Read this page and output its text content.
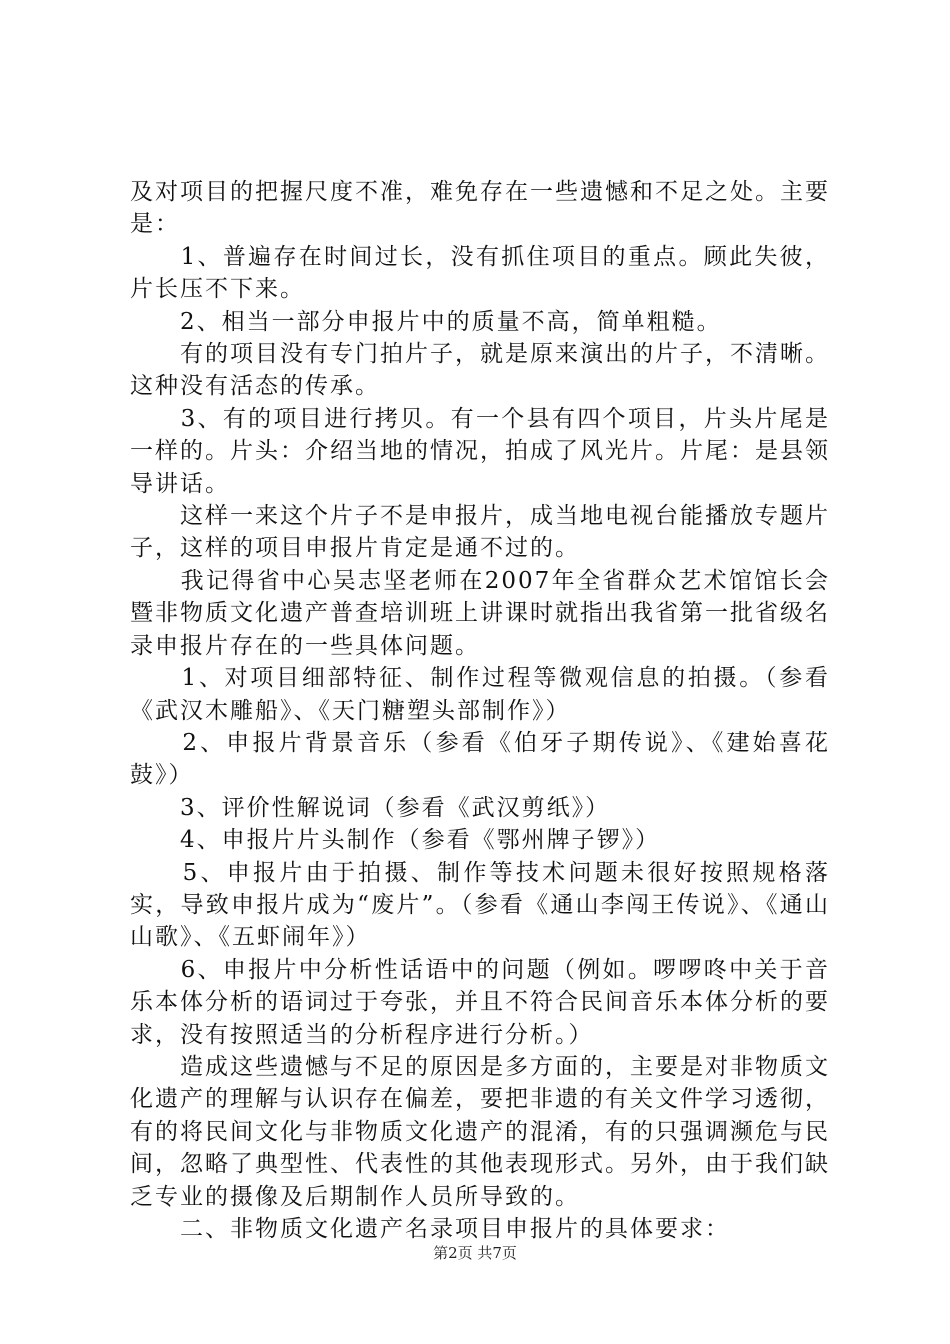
及对项目的把握尺度不准，难免存在一些遗憾和不足之处。主要是：

　　1、普遍存在时间过长，没有抓住项目的重点。顾此失彼，片长压不下来。

　　2、相当一部分申报片中的质量不高，简单粗糙。

　　有的项目没有专门拍片子，就是原来演出的片子，不清晰。这种没有活态的传承。

　　3、有的项目进行拷贝。有一个县有四个项目，片头片尾是一样的。片头：介绍当地的情况，拍成了风光片。片尾：是县领导讲话。

　　这样一来这个片子不是申报片，成当地电视台能播放专题片子，这样的项目申报片肯定是通不过的。

　　我记得省中心吴志坚老师在2007年全省群众艺术馆馆长会暨非物质文化遗产普查培训班上讲课时就指出我省第一批省级名录申报片存在的一些具体问题。

　　1、对项目细部特征、制作过程等微观信息的拍摄。（参看《武汉木雕船》、《天门糖塑头部制作》）

　　2、申报片背景音乐（参看《伯牙子期传说》、《建始喜花鼓》）

　　3、评价性解说词（参看《武汉剪纸》）

　　4、申报片片头制作（参看《鄂州牌子锣》）

　　5、申报片由于拍摄、制作等技术问题未很好按照规格落实，导致申报片成为“废片”。（参看《通山李闯王传说》、《通山山歌》、《五虾闹年》）

　　6、申报片中分析性话语中的问题（例如。啰啰咚中关于音乐本体分析的语词过于夸张，并且不符合民间音乐本体分析的要求，没有按照适当的分析程序进行分析。）

　　造成这些遗憾与不足的原因是多方面的，主要是对非物质文化遗产的理解与认识存在偏差，要把非遗的有关文件学习透彻，有的将民间文化与非物质文化遗产的混淆，有的只强调濒危与民间，忽略了典型性、代表性的其他表现形式。另外，由于我们缺乏专业的摄像及后期制作人员所导致的。

　　二、非物质文化遗产名录项目申报片的具体要求：

第2页 共7页
